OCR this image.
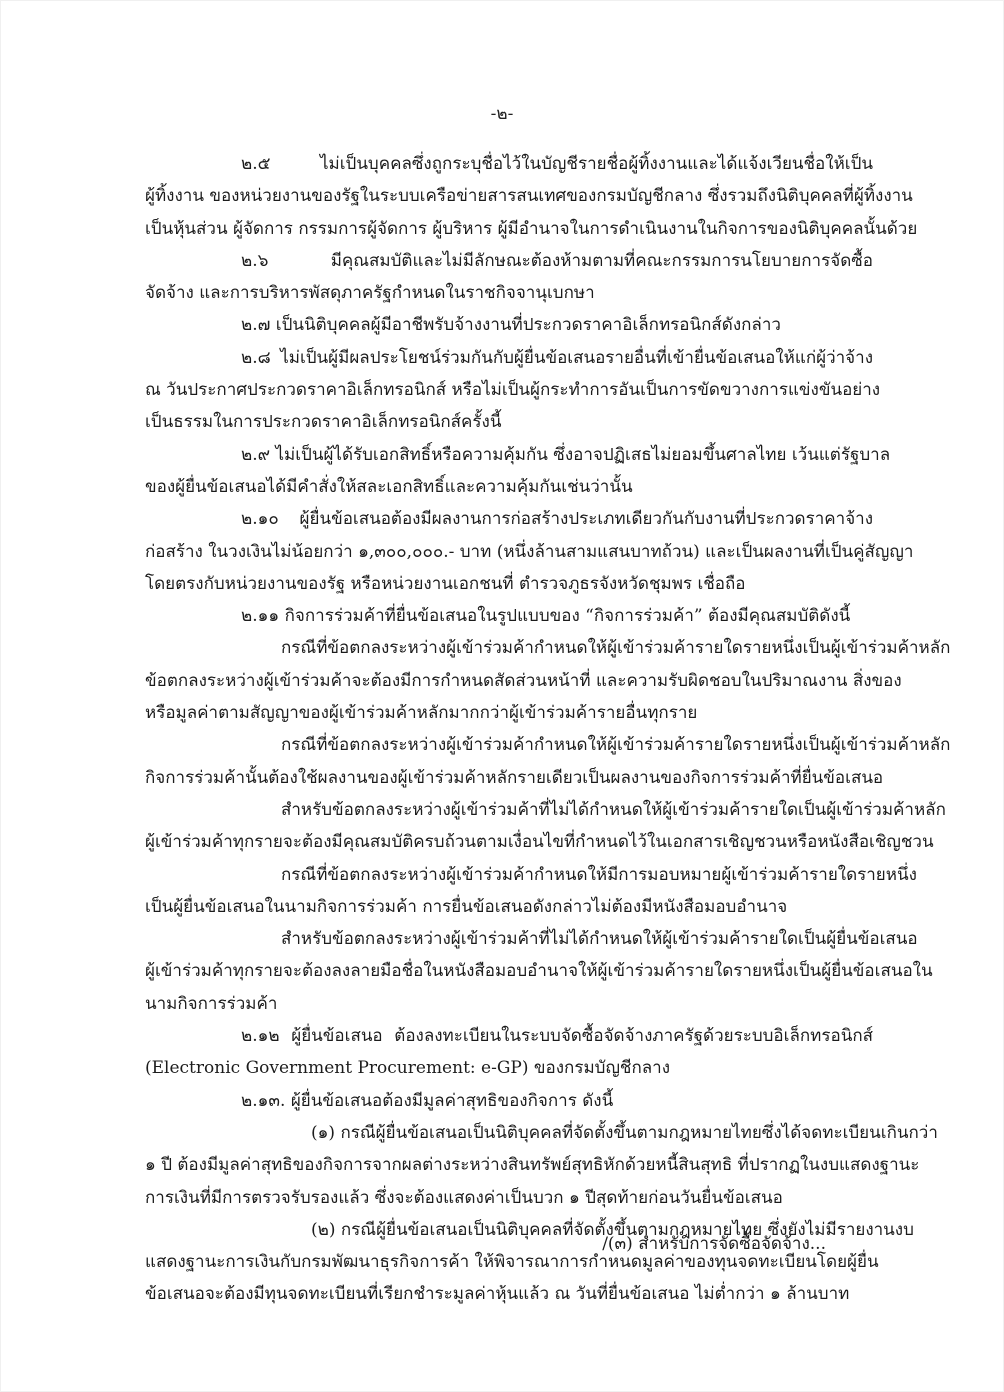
-๒-
๒.๕ ไม่เป็นบุคคลซึ่งถูกระบุชื่อไว้ในบัญชีรายชื่อผู้ทิ้งงานและได้แจ้งเวียนชื่อให้เป็น
ผู้ทิ้งงาน ของหน่วยงานของรัฐในระบบเครือข่ายสารสนเทศของกรมบัญชีกลาง ซึ่งรวมถึงนิติบุคคลที่ผู้ทิ้งงาน
เป็นหุ้นส่วน ผู้จัดการ กรรมการผู้จัดการ ผู้บริหาร ผู้มีอำนาจในการดำเนินงานในกิจการของนิติบุคคลนั้นด้วย
๒.๖ มีคุณสมบัติและไม่มีลักษณะต้องห้ามตามที่คณะกรรมการนโยบายการจัดซื้อ
จัดจ้าง และการบริหารพัสดุภาครัฐกำหนดในราชกิจจานุเบกษา
๒.๗ เป็นนิติบุคคลผู้มีอาชีพรับจ้างงานที่ประกวดราคาอิเล็กทรอนิกส์ดังกล่าว
๒.๘ ไม่เป็นผู้มีผลประโยชน์ร่วมกันกับผู้ยื่นข้อเสนอรายอื่นที่เข้ายื่นข้อเสนอให้แก่ผู้ว่าจ้าง
ณ วันประกาศประกวดราคาอิเล็กทรอนิกส์ หรือไม่เป็นผู้กระทำการอันเป็นการขัดขวางการแข่งขันอย่าง
เป็นธรรมในการประกวดราคาอิเล็กทรอนิกส์ครั้งนี้
๒.๙ ไม่เป็นผู้ได้รับเอกสิทธิ์หรือความคุ้มกัน ซึ่งอาจปฏิเสธไม่ยอมขึ้นศาลไทย เว้นแต่รัฐบาล
ของผู้ยื่นข้อเสนอได้มีคำสั่งให้สละเอกสิทธิ์และความคุ้มกันเช่นว่านั้น
๒.๑๐ ผู้ยื่นข้อเสนอต้องมีผลงานการก่อสร้างประเภทเดียวกันกับงานที่ประกวดราคาจ้าง
ก่อสร้าง ในวงเงินไม่น้อยกว่า ๑,๓๐๐,๐๐๐.- บาท (หนึ่งล้านสามแสนบาทถ้วน) และเป็นผลงานที่เป็นคู่สัญญา
โดยตรงกับหน่วยงานของรัฐ หรือหน่วยงานเอกชนที่ ตำรวจภูธรจังหวัดชุมพร เชื่อถือ
๒.๑๑ กิจการร่วมค้าที่ยื่นข้อเสนอในรูปแบบของ “กิจการร่วมค้า” ต้องมีคุณสมบัติดังนี้
กรณีที่ข้อตกลงระหว่างผู้เข้าร่วมค้ากำหนดให้ผู้เข้าร่วมค้ารายใดรายหนึ่งเป็นผู้เข้าร่วมค้าหลัก
ข้อตกลงระหว่างผู้เข้าร่วมค้าจะต้องมีการกำหนดสัดส่วนหน้าที่ และความรับผิดชอบในปริมาณงาน สิ่งของ
หรือมูลค่าตามสัญญาของผู้เข้าร่วมค้าหลักมากกว่าผู้เข้าร่วมค้ารายอื่นทุกราย
กรณีที่ข้อตกลงระหว่างผู้เข้าร่วมค้ากำหนดให้ผู้เข้าร่วมค้ารายใดรายหนึ่งเป็นผู้เข้าร่วมค้าหลัก
กิจการร่วมค้านั้นต้องใช้ผลงานของผู้เข้าร่วมค้าหลักรายเดียวเป็นผลงานของกิจการร่วมค้าที่ยื่นข้อเสนอ
สำหรับข้อตกลงระหว่างผู้เข้าร่วมค้าที่ไม่ได้กำหนดให้ผู้เข้าร่วมค้ารายใดเป็นผู้เข้าร่วมค้าหลัก
ผู้เข้าร่วมค้าทุกรายจะต้องมีคุณสมบัติครบถ้วนตามเงื่อนไขที่กำหนดไว้ในเอกสารเชิญชวนหรือหนังสือเชิญชวน
กรณีที่ข้อตกลงระหว่างผู้เข้าร่วมค้ากำหนดให้มีการมอบหมายผู้เข้าร่วมค้ารายใดรายหนึ่ง
เป็นผู้ยื่นข้อเสนอในนามกิจการร่วมค้า การยื่นข้อเสนอดังกล่าวไม่ต้องมีหนังสือมอบอำนาจ
สำหรับข้อตกลงระหว่างผู้เข้าร่วมค้าที่ไม่ได้กำหนดให้ผู้เข้าร่วมค้ารายใดเป็นผู้ยื่นข้อเสนอ
ผู้เข้าร่วมค้าทุกรายจะต้องลงลายมือชื่อในหนังสือมอบอำนาจให้ผู้เข้าร่วมค้ารายใดรายหนึ่งเป็นผู้ยื่นข้อเสนอใน
นามกิจการร่วมค้า
๒.๑๒ ผู้ยื่นข้อเสนอ ต้องลงทะเบียนในระบบจัดซื้อจัดจ้างภาครัฐด้วยระบบอิเล็กทรอนิกส์
(Electronic Government Procurement: e-GP) ของกรมบัญชีกลาง
๒.๑๓. ผู้ยื่นข้อเสนอต้องมีมูลค่าสุทธิของกิจการ ดังนี้
(๑) กรณีผู้ยื่นข้อเสนอเป็นนิติบุคคลที่จัดตั้งขึ้นตามกฎหมายไทยซึ่งได้จดทะเบียนเกินกว่า
๑ ปี ต้องมีมูลค่าสุทธิของกิจการจากผลต่างระหว่างสินทรัพย์สุทธิหักด้วยหนี้สินสุทธิ ที่ปรากฏในงบแสดงฐานะ
การเงินที่มีการตรวจรับรองแล้ว ซึ่งจะต้องแสดงค่าเป็นบวก ๑ ปีสุดท้ายก่อนวันยื่นข้อเสนอ
(๒) กรณีผู้ยื่นข้อเสนอเป็นนิติบุคคลที่จัดตั้งขึ้นตามกฎหมายไทย ซึ่งยังไม่มีรายงานงบ
แสดงฐานะการเงินกับกรมพัฒนาธุรกิจการค้า ให้พิจารณาการกำหนดมูลค่าของทุนจดทะเบียนโดยผู้ยื่น
ข้อเสนอจะต้องมีทุนจดทะเบียนที่เรียกชำระมูลค่าหุ้นแล้ว ณ วันที่ยื่นข้อเสนอ ไม่ต่ำกว่า ๑ ล้านบาท
/(๓) สำหรับการจัดซื้อจัดจ้าง...
